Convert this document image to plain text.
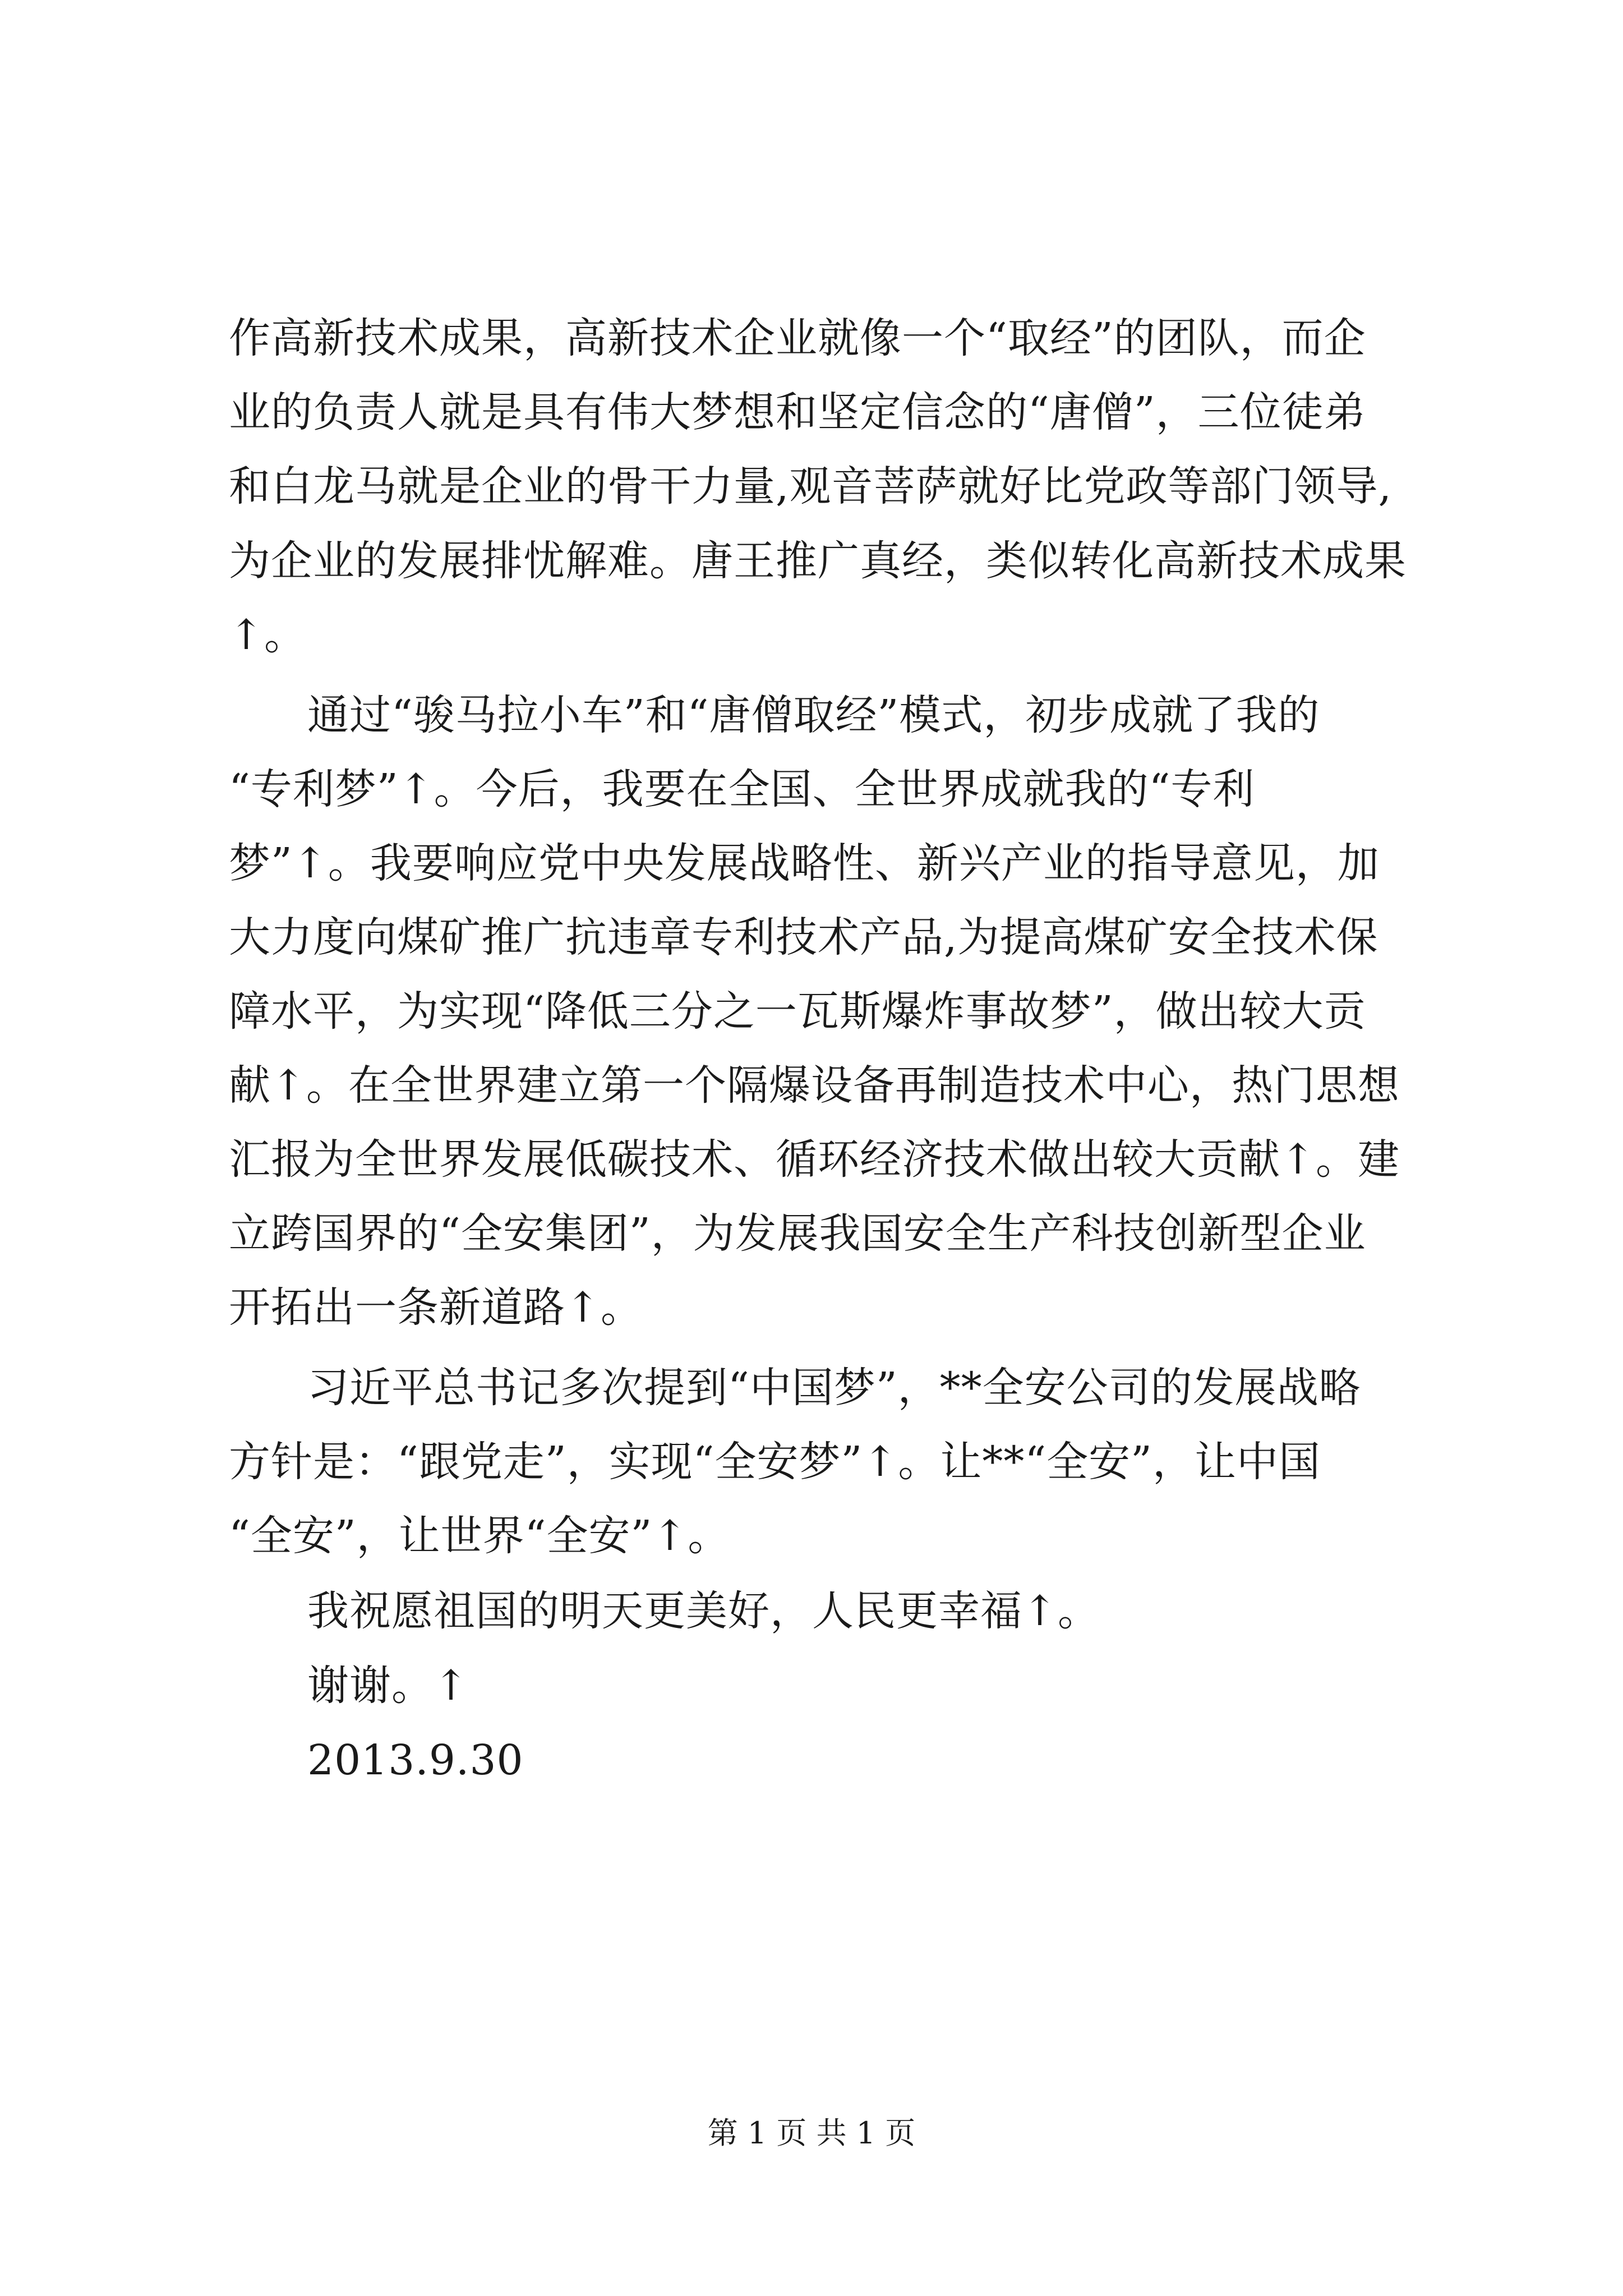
作高新技术成果，高新技术企业就像一个“取经”的团队，而企
业的负责人就是具有伟大梦想和坚定信念的“唐僧”，三位徒弟
和白龙马就是企业的骨干力量,观音菩萨就好比党政等部门领导,
为企业的发展排忧解难。唐王推广真经，类似转化高新技术成果
↑。
通过“骏马拉小车”和“唐僧取经”模式，初步成就了我的
“专利梦”↑。今后，我要在全国、全世界成就我的“专利
梦”↑。我要响应党中央发展战略性、新兴产业的指导意见，加
大力度向煤矿推广抗违章专利技术产品,为提高煤矿安全技术保
障水平，为实现“降低三分之一瓦斯爆炸事故梦”，做出较大贡
献↑。在全世界建立第一个隔爆设备再制造技术中心，热门思想
汇报为全世界发展低碳技术、循环经济技术做出较大贡献↑。建
立跨国界的“全安集团”，为发展我国安全生产科技创新型企业
开拓出一条新道路↑。
习近平总书记多次提到“中国梦”，**全安公司的发展战略
方针是：“跟党走”，实现“全安梦”↑。让**“全安”，让中国
“全安”，让世界“全安”↑。
我祝愿祖国的明天更美好，人民更幸福↑。
谢谢。↑
2013.9.30
第 1 页 共 1 页
